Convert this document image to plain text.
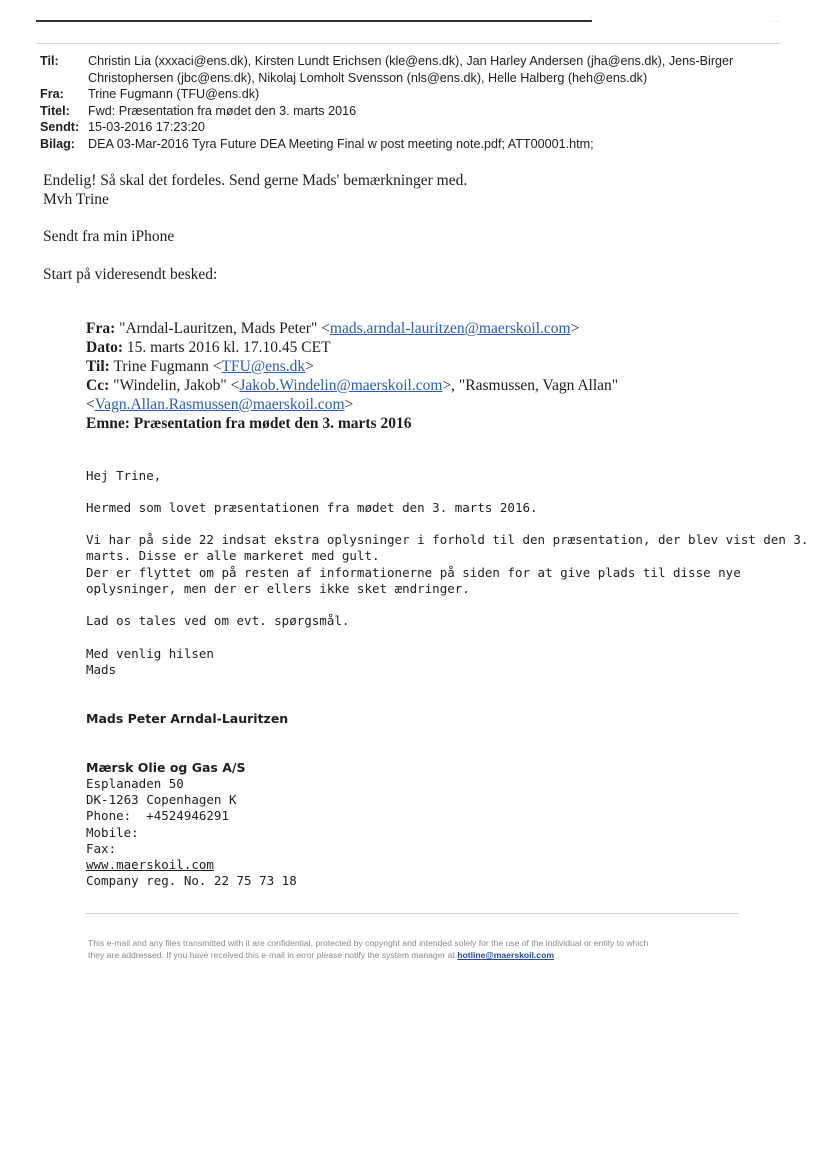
·
· ·
Til:	Christin Lia (xxxaci@ens.dk), Kirsten Lundt Erichsen (kle@ens.dk), Jan Harley Andersen (jha@ens.dk), Jens-Birger Christophersen (jbc@ens.dk), Nikolaj Lomholt Svensson (nls@ens.dk), Helle Halberg (heh@ens.dk)
Fra:	Trine Fugmann (TFU@ens.dk)
Titel:	Fwd: Præsentation fra mødet den 3. marts 2016
Sendt: 15-03-2016 17:23:20
Bilag:	DEA 03-Mar-2016 Tyra Future DEA Meeting Final w post meeting note.pdf; ATT00001.htm;
Endelig! Så skal det fordeles. Send gerne Mads' bemærkninger med.
Mvh Trine
Sendt fra min iPhone
Start på videresendt besked:
Fra: "Arndal-Lauritzen, Mads Peter" <mads.arndal-lauritzen@maerskoil.com>
Dato: 15. marts 2016 kl. 17.10.45 CET
Til: Trine Fugmann <TFU@ens.dk>
Cc: "Windelin, Jakob" <Jakob.Windelin@maerskoil.com>, "Rasmussen, Vagn Allan"
<Vagn.Allan.Rasmussen@maerskoil.com>
Emne: Præsentation fra mødet den 3. marts 2016
Hej Trine,
Hermed som lovet præsentationen fra mødet den 3. marts 2016.
Vi har på side 22 indsat ekstra oplysninger i forhold til den præsentation, der blev vist den 3.
marts. Disse er alle markeret med gult.
Der er flyttet om på resten af informationerne på siden for at give plads til disse nye
oplysninger, men der er ellers ikke sket ændringer.
Lad os tales ved om evt. spørgsmål.
Med venlig hilsen
Mads
Mads Peter Arndal-Lauritzen
Mærsk Olie og Gas A/S
Esplanaden 50
DK-1263 Copenhagen K
Phone:  +4524946291
Mobile:
Fax:
www.maerskoil.com
Company reg. No. 22 75 73 18
This e-mail and any files transmitted with it are confidential, protected by copyright and intended solely for the use of the individual or entity to which
they are addressed. If you have received this e-mail in error please notify the system manager at hotline@maerskoil.com
